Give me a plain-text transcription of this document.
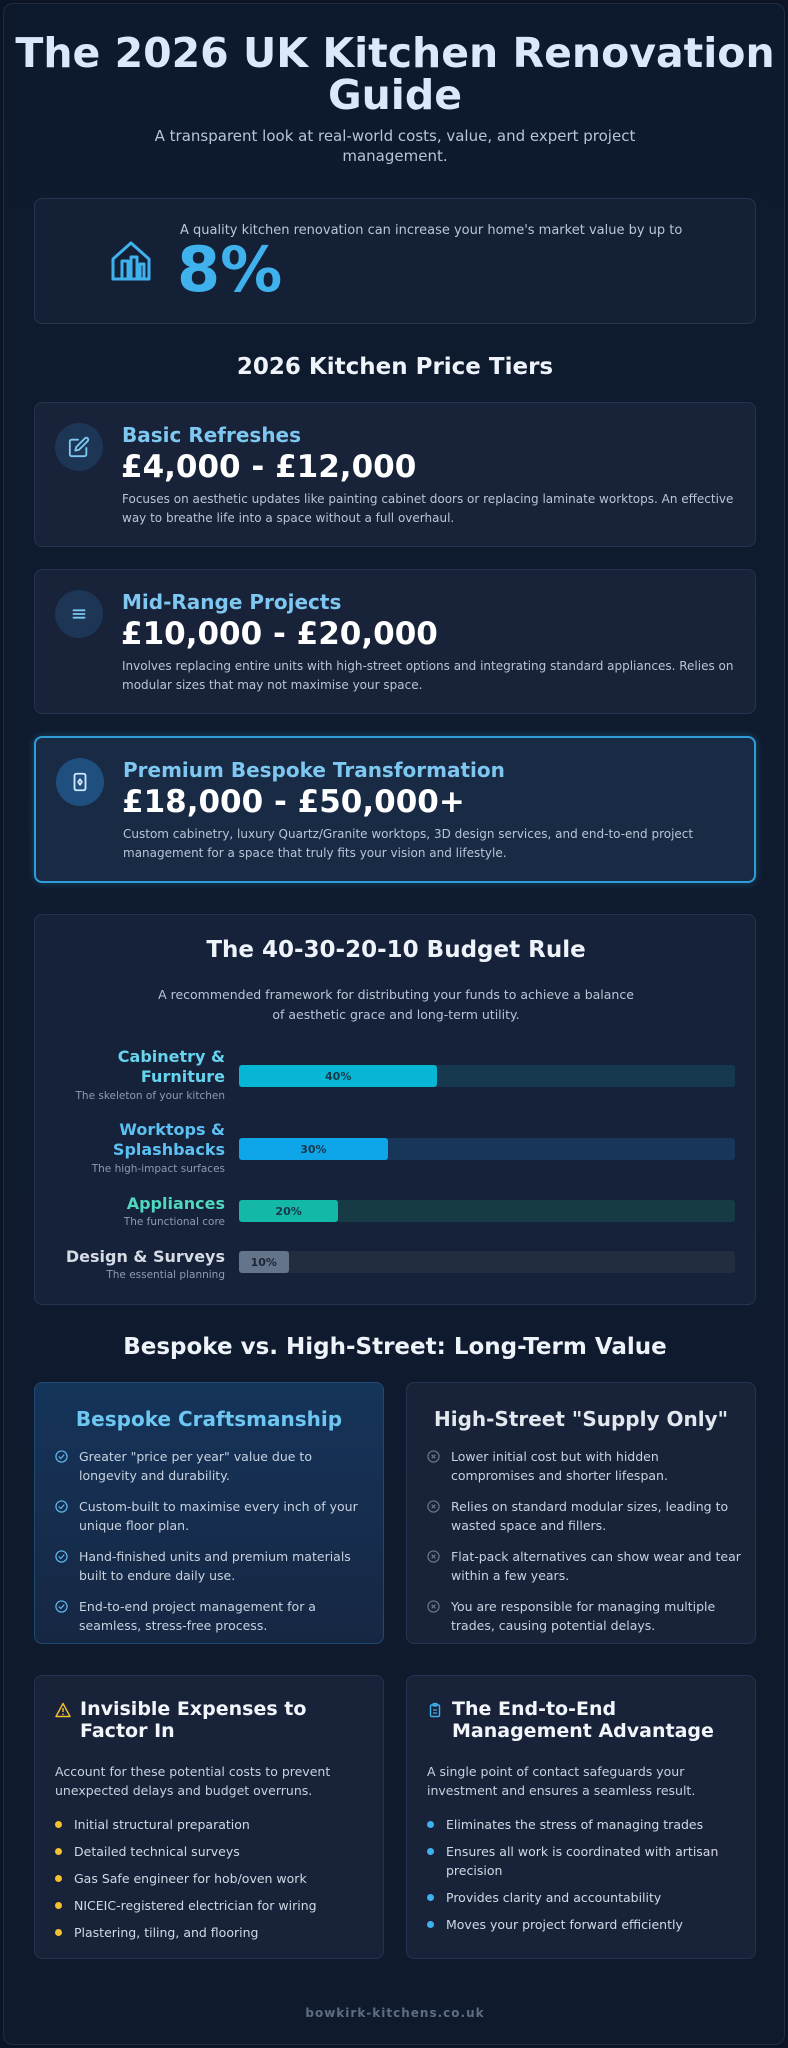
The 2026 UK Kitchen Renovation Guide
A transparent look at real-world costs, value, and expert project management.
A quality kitchen renovation can increase your home's market value by up to
8%
2026 Kitchen Price Tiers
Basic Refreshes
£4,000 - £12,000
Focuses on aesthetic updates like painting cabinet doors or replacing laminate worktops. An effective way to breathe life into a space without a full overhaul.
Mid-Range Projects
£10,000 - £20,000
Involves replacing entire units with high-street options and integrating standard appliances. Relies on modular sizes that may not maximise your space.
Premium Bespoke Transformation
£18,000 - £50,000+
Custom cabinetry, luxury Quartz/Granite worktops, 3D design services, and end-to-end project management for a space that truly fits your vision and lifestyle.
The 40-30-20-10 Budget Rule
A recommended framework for distributing your funds to achieve a balance of aesthetic grace and long-term utility.
Cabinetry & Furniture
The skeleton of your kitchen
40%
Worktops & Splashbacks
The high-impact surfaces
30%
Appliances
The functional core
20%
Design & Surveys
The essential planning
10%
Bespoke vs. High-Street: Long-Term Value
Bespoke Craftsmanship
Greater "price per year" value due to longevity and durability.
Custom-built to maximise every inch of your unique floor plan.
Hand-finished units and premium materials built to endure daily use.
End-to-end project management for a seamless, stress-free process.
High-Street "Supply Only"
Lower initial cost but with hidden compromises and shorter lifespan.
Relies on standard modular sizes, leading to wasted space and fillers.
Flat-pack alternatives can show wear and tear within a few years.
You are responsible for managing multiple trades, causing potential delays.
Invisible Expenses to Factor In
Account for these potential costs to prevent unexpected delays and budget overruns.
Initial structural preparation
Detailed technical surveys
Gas Safe engineer for hob/oven work
NICEIC-registered electrician for wiring
Plastering, tiling, and flooring
The End-to-End Management Advantage
A single point of contact safeguards your investment and ensures a seamless result.
Eliminates the stress of managing trades
Ensures all work is coordinated with artisan precision
Provides clarity and accountability
Moves your project forward efficiently
bowkirk-kitchens.co.uk
